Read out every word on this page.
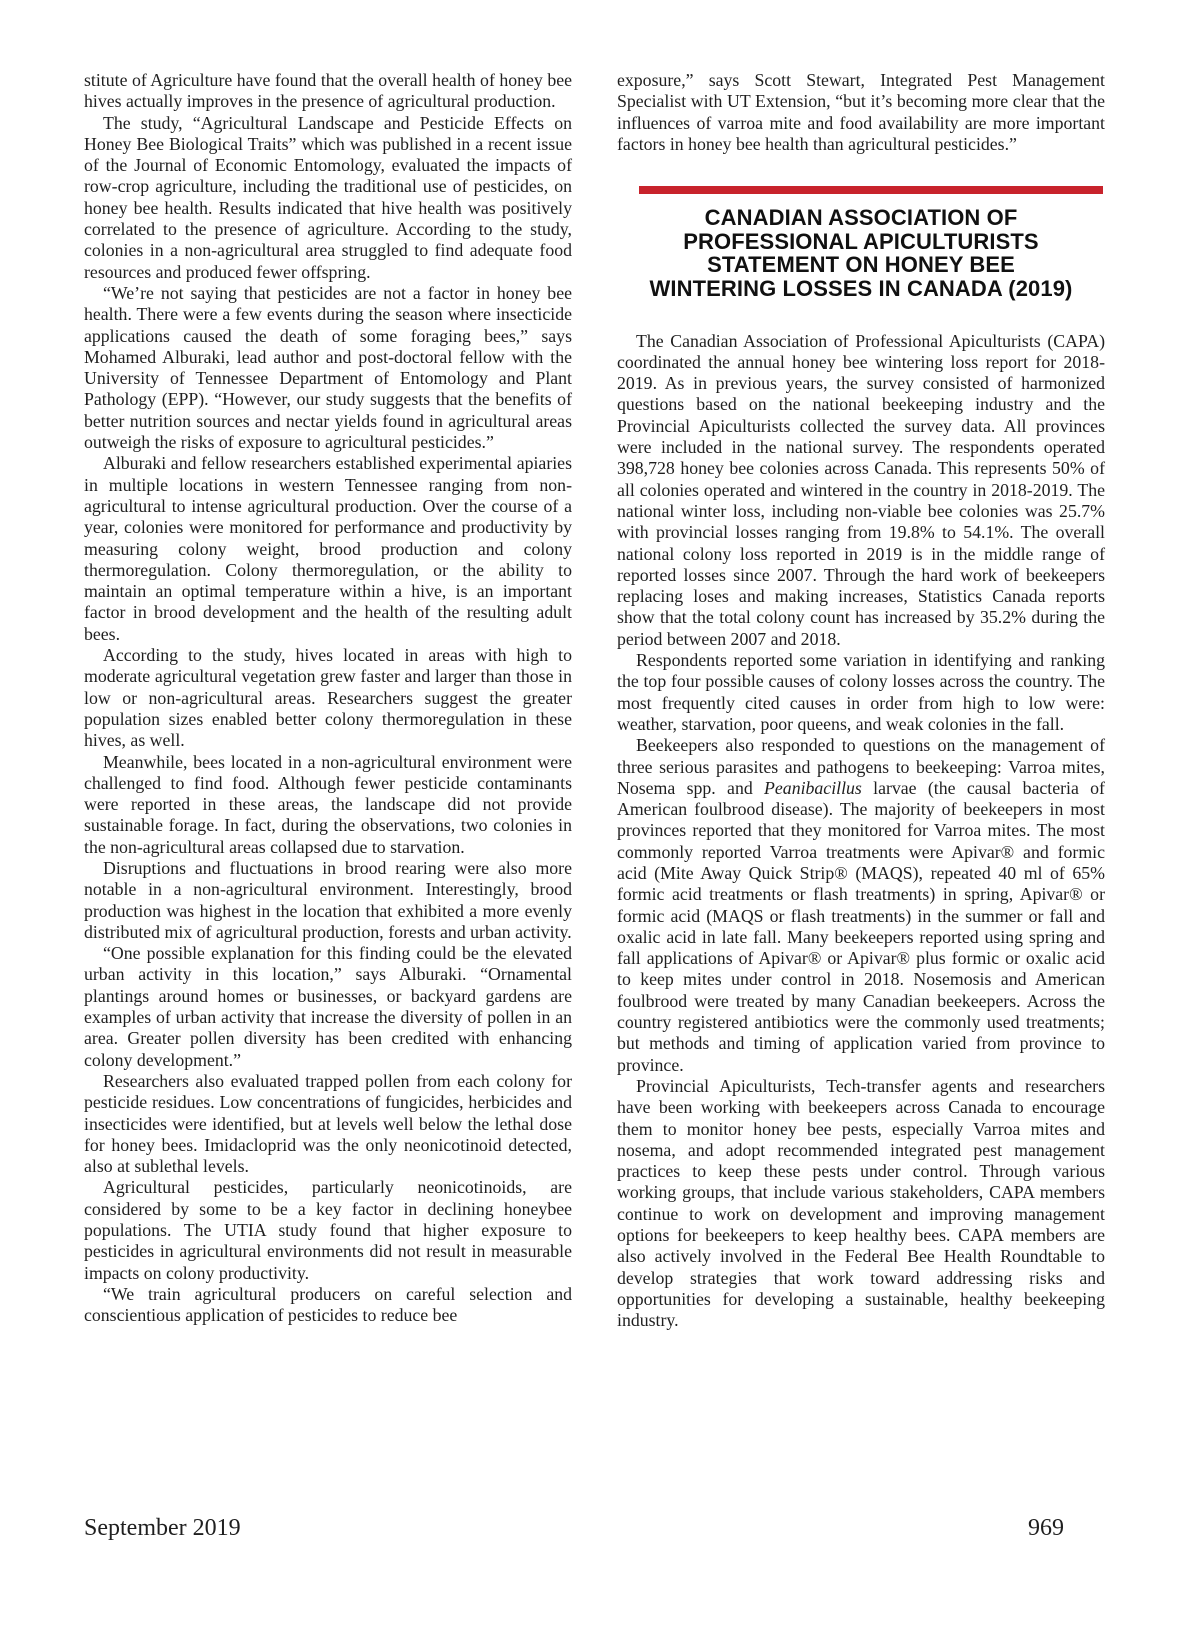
stitute of Agriculture have found that the overall health of honey bee hives actually improves in the presence of agricultural production.

The study, “Agricultural Landscape and Pesticide Effects on Honey Bee Biological Traits” which was published in a recent issue of the Journal of Economic Entomology, evaluated the impacts of row-crop agriculture, including the traditional use of pesticides, on honey bee health. Results indicated that hive health was positively correlated to the presence of agriculture. According to the study, colonies in a non-agricultural area struggled to find adequate food resources and produced fewer offspring.

“We’re not saying that pesticides are not a factor in honey bee health. There were a few events during the season where insecticide applications caused the death of some foraging bees,” says Mohamed Alburaki, lead author and post-doctoral fellow with the University of Tennessee Department of Entomology and Plant Pathology (EPP). “However, our study suggests that the benefits of better nutrition sources and nectar yields found in agricultural areas outweigh the risks of exposure to agricultural pesticides.”

Alburaki and fellow researchers established experimental apiaries in multiple locations in western Tennessee ranging from non-agricultural to intense agricultural production. Over the course of a year, colonies were monitored for performance and productivity by measuring colony weight, brood production and colony thermoregulation. Colony thermoregulation, or the ability to maintain an optimal temperature within a hive, is an important factor in brood development and the health of the resulting adult bees.

According to the study, hives located in areas with high to moderate agricultural vegetation grew faster and larger than those in low or non-agricultural areas. Researchers suggest the greater population sizes enabled better colony thermoregulation in these hives, as well.

Meanwhile, bees located in a non-agricultural environment were challenged to find food. Although fewer pesticide contaminants were reported in these areas, the landscape did not provide sustainable forage. In fact, during the observations, two colonies in the non-agricultural areas collapsed due to starvation.

Disruptions and fluctuations in brood rearing were also more notable in a non-agricultural environment. Interestingly, brood production was highest in the location that exhibited a more evenly distributed mix of agricultural production, forests and urban activity.

“One possible explanation for this finding could be the elevated urban activity in this location,” says Alburaki. “Ornamental plantings around homes or businesses, or backyard gardens are examples of urban activity that increase the diversity of pollen in an area. Greater pollen diversity has been credited with enhancing colony development.”

Researchers also evaluated trapped pollen from each colony for pesticide residues. Low concentrations of fungicides, herbicides and insecticides were identified, but at levels well below the lethal dose for honey bees. Imidacloprid was the only neonicotinoid detected, also at sublethal levels.

Agricultural pesticides, particularly neonicotinoids, are considered by some to be a key factor in declining honeybee populations. The UTIA study found that higher exposure to pesticides in agricultural environments did not result in measurable impacts on colony productivity.

“We train agricultural producers on careful selection and conscientious application of pesticides to reduce bee

exposure,” says Scott Stewart, Integrated Pest Management Specialist with UT Extension, “but it’s becoming more clear that the influences of varroa mite and food availability are more important factors in honey bee health than agricultural pesticides.”

CANADIAN ASSOCIATION OF
PROFESSIONAL APICULTURISTS
STATEMENT ON HONEY BEE
WINTERING LOSSES IN CANADA (2019)

The Canadian Association of Professional Apiculturists (CAPA) coordinated the annual honey bee wintering loss report for 2018-2019. As in previous years, the survey consisted of harmonized questions based on the national beekeeping industry and the Provincial Apiculturists collected the survey data. All provinces were included in the national survey. The respondents operated 398,728 honey bee colonies across Canada. This represents 50% of all colonies operated and wintered in the country in 2018-2019. The national winter loss, including non-viable bee colonies was 25.7% with provincial losses ranging from 19.8% to 54.1%. The overall national colony loss reported in 2019 is in the middle range of reported losses since 2007. Through the hard work of beekeepers replacing loses and making increases, Statistics Canada reports show that the total colony count has increased by 35.2% during the period between 2007 and 2018.

Respondents reported some variation in identifying and ranking the top four possible causes of colony losses across the country. The most frequently cited causes in order from high to low were: weather, starvation, poor queens, and weak colonies in the fall.

Beekeepers also responded to questions on the management of three serious parasites and pathogens to beekeeping: Varroa mites, Nosema spp. and Peanibacillus larvae (the causal bacteria of American foulbrood disease). The majority of beekeepers in most provinces reported that they monitored for Varroa mites. The most commonly reported Varroa treatments were Apivar® and formic acid (Mite Away Quick Strip® (MAQS), repeated 40 ml of 65% formic acid treatments or flash treatments) in spring, Apivar® or formic acid (MAQS or flash treatments) in the summer or fall and oxalic acid in late fall. Many beekeepers reported using spring and fall applications of Apivar® or Apivar® plus formic or oxalic acid to keep mites under control in 2018. Nosemosis and American foulbrood were treated by many Canadian beekeepers. Across the country registered antibiotics were the commonly used treatments; but methods and timing of application varied from province to province.

Provincial Apiculturists, Tech-transfer agents and researchers have been working with beekeepers across Canada to encourage them to monitor honey bee pests, especially Varroa mites and nosema, and adopt recommended integrated pest management practices to keep these pests under control. Through various working groups, that include various stakeholders, CAPA members continue to work on development and improving management options for beekeepers to keep healthy bees. CAPA members are also actively involved in the Federal Bee Health Roundtable to develop strategies that work toward addressing risks and opportunities for developing a sustainable, healthy beekeeping industry.

September 2019	969
